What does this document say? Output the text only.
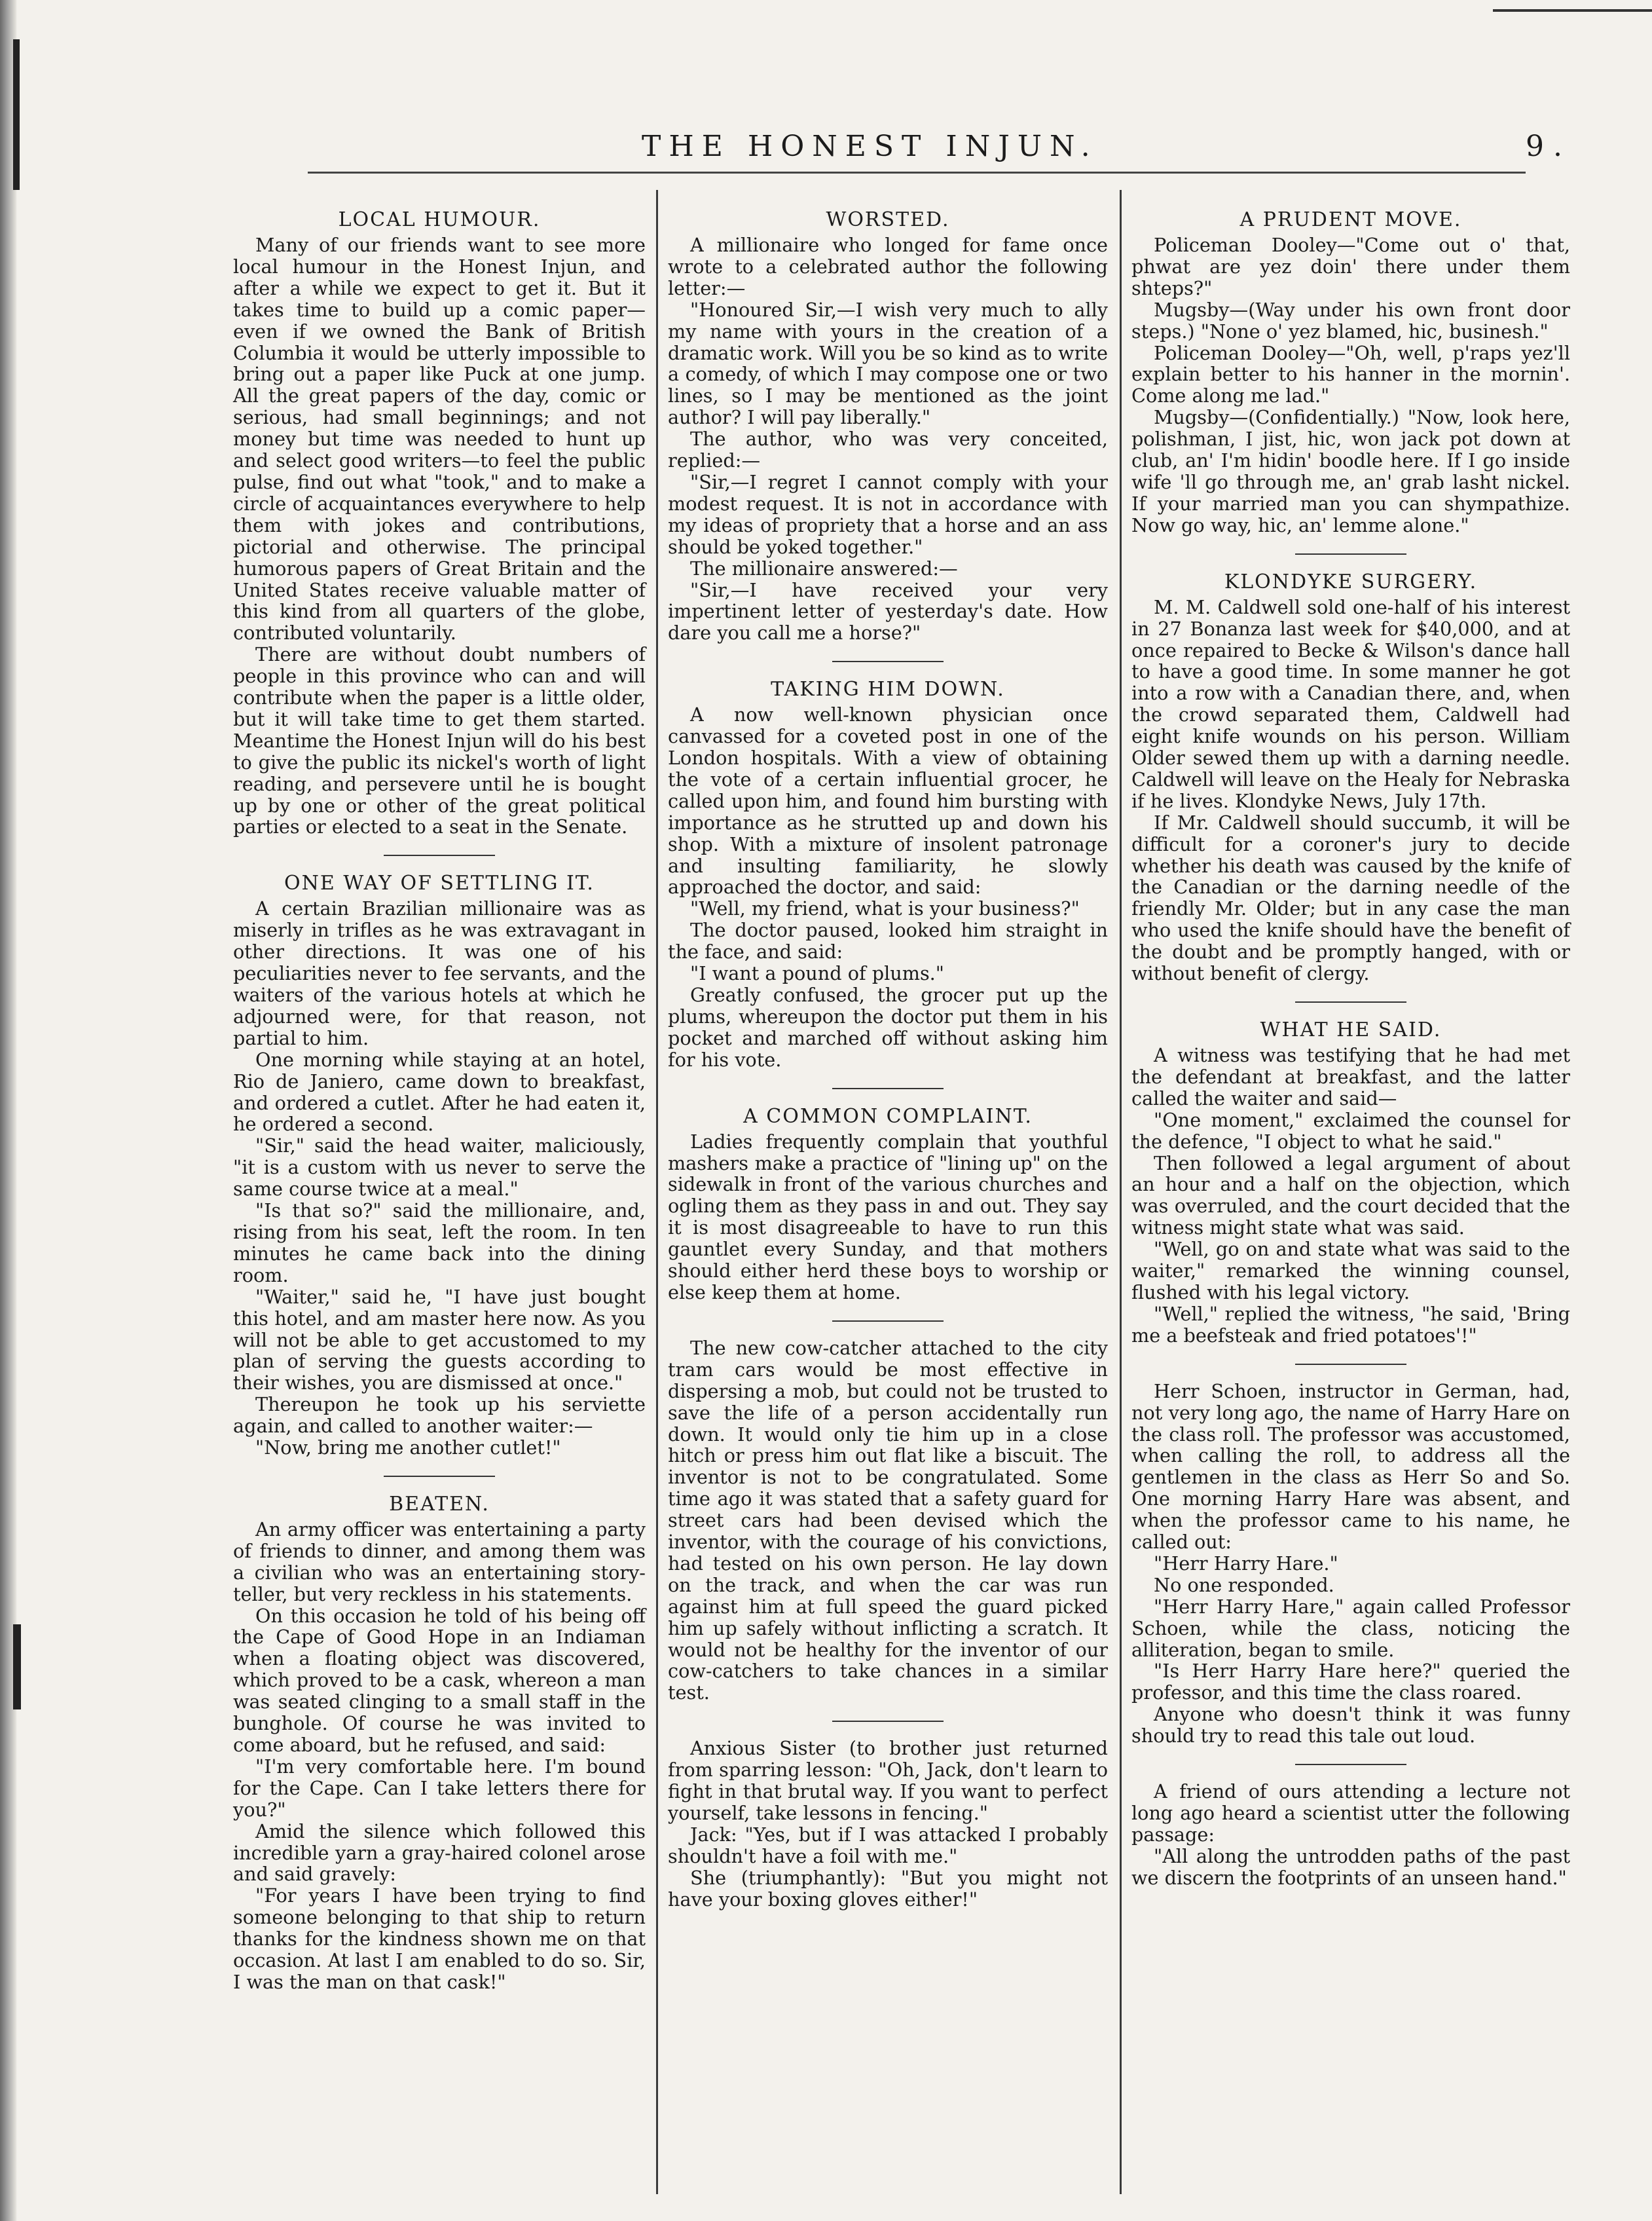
THE HONEST INJUN.	9 .
LOCAL HUMOUR.

Many of our friends want to see more local humour in the Honest Injun, and after a while we expect to get it. But it takes time to build up a comic paper—even if we owned the Bank of British Columbia it would be utterly impossible to bring out a paper like Puck at one jump. All the great papers of the day, comic or serious, had small beginnings; and not money but time was needed to hunt up and select good writers—to feel the public pulse, find out what "took," and to make a circle of acquaintances everywhere to help them with jokes and contributions, pictorial and otherwise. The principal humorous papers of Great Britain and the United States receive valuable matter of this kind from all quarters of the globe, contributed voluntarily.

There are without doubt numbers of people in this province who can and will contribute when the paper is a little older, but it will take time to get them started. Meantime the Honest Injun will do his best to give the public its nickel's worth of light reading, and persevere until he is bought up by one or other of the great political parties or elected to a seat in the Senate.

ONE WAY OF SETTLING IT.

A certain Brazilian millionaire was as miserly in trifles as he was extravagant in other directions. It was one of his peculiarities never to fee servants, and the waiters of the various hotels at which he adjourned were, for that reason, not partial to him.

One morning while staying at an hotel, Rio de Janiero, came down to breakfast, and ordered a cutlet. After he had eaten it, he ordered a second.

"Sir," said the head waiter, maliciously, "it is a custom with us never to serve the same course twice at a meal."

"Is that so?" said the millionaire, and, rising from his seat, left the room. In ten minutes he came back into the dining room.

"Waiter," said he, "I have just bought this hotel, and am master here now. As you will not be able to get accustomed to my plan of serving the guests according to their wishes, you are dismissed at once."

Thereupon he took up his serviette again, and called to another waiter:—

"Now, bring me another cutlet!"

BEATEN.

An army officer was entertaining a party of friends to dinner, and among them was a civilian who was an entertaining story-teller, but very reckless in his statements.

On this occasion he told of his being off the Cape of Good Hope in an Indiaman when a floating object was discovered, which proved to be a cask, whereon a man was seated clinging to a small staff in the bunghole. Of course he was invited to come aboard, but he refused, and said:

"I'm very comfortable here. I'm bound for the Cape. Can I take letters there for you?"

Amid the silence which followed this incredible yarn a gray-haired colonel arose and said gravely:

"For years I have been trying to find someone belonging to that ship to return thanks for the kindness shown me on that occasion. At last I am enabled to do so. Sir, I was the man on that cask!"

WORSTED.

A millionaire who longed for fame once wrote to a celebrated author the following letter:—

"Honoured Sir,—I wish very much to ally my name with yours in the creation of a dramatic work. Will you be so kind as to write a comedy, of which I may compose one or two lines, so I may be mentioned as the joint author? I will pay liberally."

The author, who was very conceited, replied:—

"Sir,—I regret I cannot comply with your modest request. It is not in accordance with my ideas of propriety that a horse and an ass should be yoked together."

The millionaire answered:—

"Sir,—I have received your very impertinent letter of yesterday's date. How dare you call me a horse?"

TAKING HIM DOWN.

A now well-known physician once canvassed for a coveted post in one of the London hospitals. With a view of obtaining the vote of a certain influential grocer, he called upon him, and found him bursting with importance as he strutted up and down his shop. With a mixture of insolent patronage and insulting familiarity, he slowly approached the doctor, and said:

"Well, my friend, what is your business?"

The doctor paused, looked him straight in the face, and said:

"I want a pound of plums."

Greatly confused, the grocer put up the plums, whereupon the doctor put them in his pocket and marched off without asking him for his vote.

A COMMON COMPLAINT.

Ladies frequently complain that youthful mashers make a practice of "lining up" on the sidewalk in front of the various churches and ogling them as they pass in and out. They say it is most disagreeable to have to run this gauntlet every Sunday, and that mothers should either herd these boys to worship or else keep them at home.

The new cow-catcher attached to the city tram cars would be most effective in dispersing a mob, but could not be trusted to save the life of a person accidentally run down. It would only tie him up in a close hitch or press him out flat like a biscuit. The inventor is not to be congratulated. Some time ago it was stated that a safety guard for street cars had been devised which the inventor, with the courage of his convictions, had tested on his own person. He lay down on the track, and when the car was run against him at full speed the guard picked him up safely without inflicting a scratch. It would not be healthy for the inventor of our cow-catchers to take chances in a similar test.

Anxious Sister (to brother just returned from sparring lesson: "Oh, Jack, don't learn to fight in that brutal way. If you want to perfect yourself, take lessons in fencing."

Jack: "Yes, but if I was attacked I probably shouldn't have a foil with me."

She (triumphantly): "But you might not have your boxing gloves either!"

A PRUDENT MOVE.

Policeman Dooley—"Come out o' that, phwat are yez doin' there under them shteps?"

Mugsby—(Way under his own front door steps.) "None o' yez blamed, hic, businesh."

Policeman Dooley—"Oh, well, p'raps yez'll explain better to his hanner in the mornin'. Come along me lad."

Mugsby—(Confidentially.) "Now, look here, polishman, I jist, hic, won jack pot down at club, an' I'm hidin' boodle here. If I go inside wife 'll go through me, an' grab lasht nickel. If your married man you can shympathize. Now go way, hic, an' lemme alone."

KLONDYKE SURGERY.

M. M. Caldwell sold one-half of his interest in 27 Bonanza last week for $40,000, and at once repaired to Becke & Wilson's dance hall to have a good time. In some manner he got into a row with a Canadian there, and, when the crowd separated them, Caldwell had eight knife wounds on his person. William Older sewed them up with a darning needle. Caldwell will leave on the Healy for Nebraska if he lives. Klondyke News, July 17th.

If Mr. Caldwell should succumb, it will be difficult for a coroner's jury to decide whether his death was caused by the knife of the Canadian or the darning needle of the friendly Mr. Older; but in any case the man who used the knife should have the benefit of the doubt and be promptly hanged, with or without benefit of clergy.

WHAT HE SAID.

A witness was testifying that he had met the defendant at breakfast, and the latter called the waiter and said—

"One moment," exclaimed the counsel for the defence, "I object to what he said."

Then followed a legal argument of about an hour and a half on the objection, which was overruled, and the court decided that the witness might state what was said.

"Well, go on and state what was said to the waiter," remarked the winning counsel, flushed with his legal victory.

"Well," replied the witness, "he said, 'Bring me a beefsteak and fried potatoes'!"

Herr Schoen, instructor in German, had, not very long ago, the name of Harry Hare on the class roll. The professor was accustomed, when calling the roll, to address all the gentlemen in the class as Herr So and So. One morning Harry Hare was absent, and when the professor came to his name, he called out:

"Herr Harry Hare."

No one responded.

"Herr Harry Hare," again called Professor Schoen, while the class, noticing the alliteration, began to smile.

"Is Herr Harry Hare here?" queried the professor, and this time the class roared.

Anyone who doesn't think it was funny should try to read this tale out loud.

A friend of ours attending a lecture not long ago heard a scientist utter the following passage:

"All along the untrodden paths of the past we discern the footprints of an unseen hand."
